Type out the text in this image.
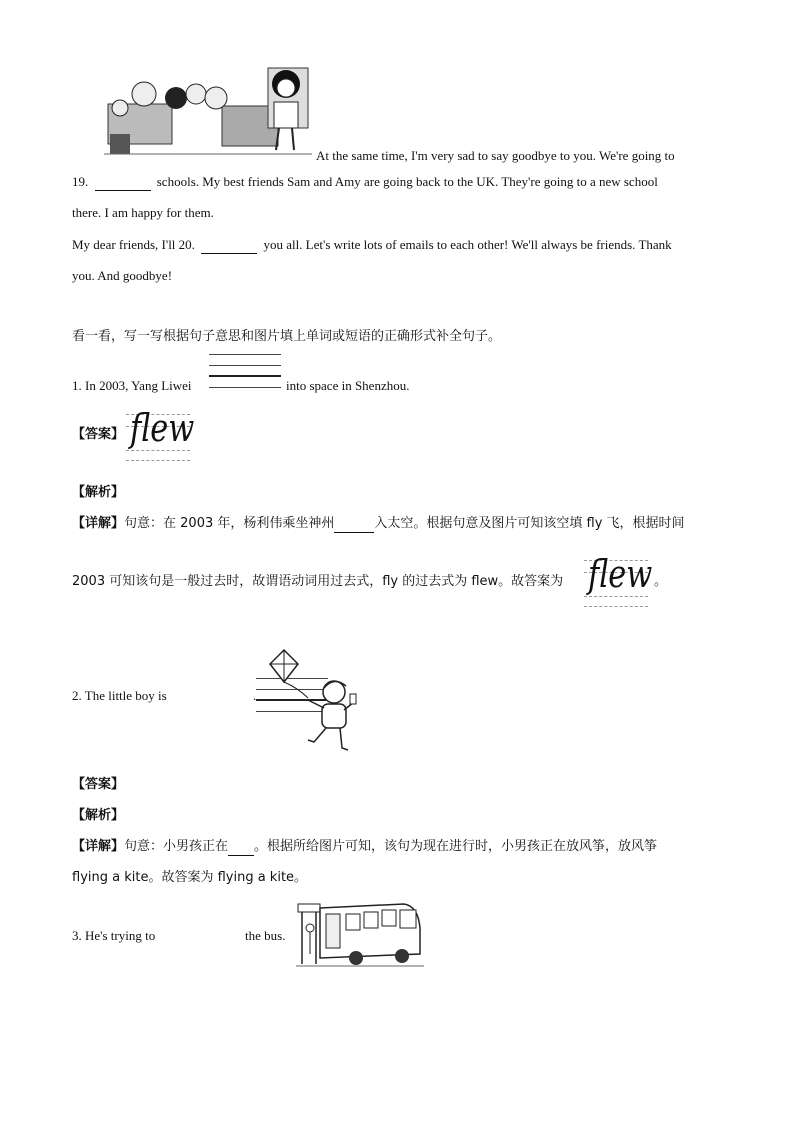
At the same time, I'm very sad to say goodbye to you. We're going to
19.	schools. My best friends Sam and Amy are going back to the UK. They're going to a new school
there. I am happy for them.
My dear friends, I'll 20.	you all. Let's write lots of emails to each other! We'll always be friends. Thank
you. And goodbye!
看一看，写一写根据句子意思和图片填上单词或短语的正确形式补全句子。
1. In 2003, Yang Liwei
	into space in Shenzhou.
【答案】 flew
【解析】
【详解】句意：在 2003 年，杨利伟乘坐神州	入太空。根据句意及图片可知该空填 fly 飞，根据时间
2003 可知该句是一般过去时，故谓语动词用过去式，fly 的过去式为 flew。故答案为 flew 。
2. The little boy is
	.
【答案】
【解析】
【详解】句意：小男孩正在 。根据所给图片可知，该句为现在进行时，小男孩正在放风筝，放风筝
flying a kite。故答案为 flying a kite。
3. He's trying to	the bus.
